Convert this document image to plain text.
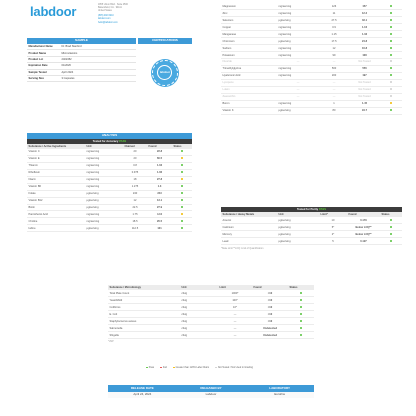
labdoor	1855 Union Blvd · Suite 2500
Bakersfield, CA · 94111
United States
(805) 482-5210
labdoor.com
hello@labdoor.com
SAMPLE
Manufacturer Name	Dr. Brad Stanford
Product Name	Microvitamins
Product Lot	2402452
Expiration Date	01/2026
Sample Tested	April 2024
Serving Size	3 Capsules
CERTIFICATIONS
labdoor
ANALYSIS
Tested for Accuracy PASS
Substance / Active Ingredients	Unit	Claimed	Found	Status
Vitamin C	mg/serving	20	22.8	
Vitamin E	mg/serving	20	60.5	
Thiamin	mg/serving	0.8	1.03	
Riboflavin	mg/serving	0.975	1.06	
Niacin	mg/serving	18	27.8	
Vitamin B6	mg/serving	1.275	1.3	
Folate	µg/serving	240	243	
Vitamin B12	µg/serving	12	13.1	
Biotin	µg/serving	22.5	27.9	
Pantothenic Acid	mg/serving	1.75	4.10	
Choline	mg/serving	18.5	20.5	
Iodine	µg/serving	112.5	121	
Magnesium	mg/serving	126	157	
Zinc	mg/serving	11	12.2	
Selenium	µg/serving	27.5	33.1	
Copper	mg/serving	0.9	1.16	
Manganese	mg/serving	1.15	1.33	
Chromium	µg/serving	17.5	24.8	
Sodium	mg/serving	12	16.8	
Potassium	mg/serving	99	108	
Fluoride	—	—	Not Tested	
Trimethylglycine	mg/serving	500	556	
Hyaluronic Acid	mg/serving	200	197	
Lycopene	—	—	Not Tested	
Lutein	—	—	Not Tested	
Zeaxanthin	—	—	Not Tested	
Boron	mg/serving	1	1.45	
Vitamin K	µg/serving	80	94.7	
Tested for Purity PASS
Substance / Heavy Metals	Unit	Limit*	Found	Status
Arsenic	µg/serving	10	0.179	
Cadmium	µg/serving	5*	Below LOQ**	
Mercury	µg/serving	2*	Below LOQ**	
Lead	µg/serving	5	0.127	
*State Limit **LOQ: Limit of Quantification
Substance / Microbiology	Unit	Limit	Found	Status
Total Plate Count	cfu/g	1000*	<10	
Yeast/Mold	cfu/g	100*	<10	
Coliforms	cfu/g	10*	<10	
E. Coli	cfu/g	—	<10	
Staphylococcus aureus	cfu/g	—	<10	
Salmonella	cfu/g	—	Undetected	
Shigella	cfu/g	—	Undetected	
*USP
Pass	Fail	Greater than 120% Label Claim	Not Tested / Not Used in Grading
RELEASE DATE	RELEASED BY	LABORATORY
April 24, 2024	Labdoor	Eurofins
